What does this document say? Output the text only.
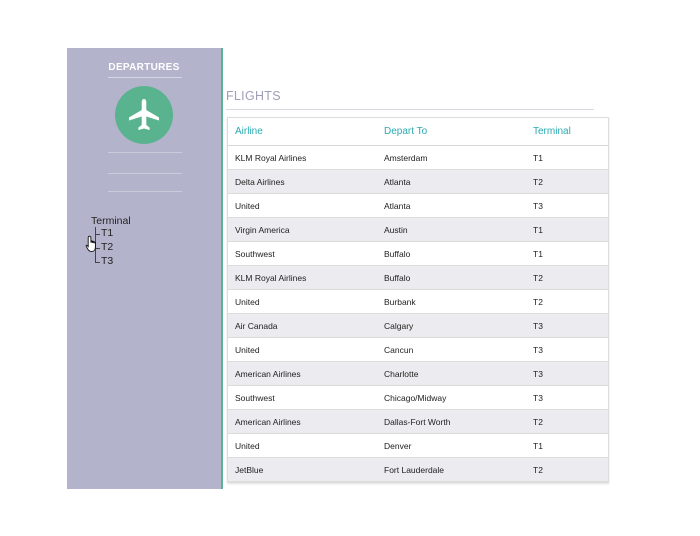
DEPARTURES
Terminal
T1
T2
T3
FLIGHTS
Airline	Depart To	Terminal
KLM Royal Airlines	Amsterdam	T1
Delta Airlines	Atlanta	T2
United	Atlanta	T3
Virgin America	Austin	T1
Southwest	Buffalo	T1
KLM Royal Airlines	Buffalo	T2
United	Burbank	T2
Air Canada	Calgary	T3
United	Cancun	T3
American Airlines	Charlotte	T3
Southwest	Chicago/Midway	T3
American Airlines	Dallas-Fort Worth	T2
United	Denver	T1
JetBlue	Fort Lauderdale	T2
